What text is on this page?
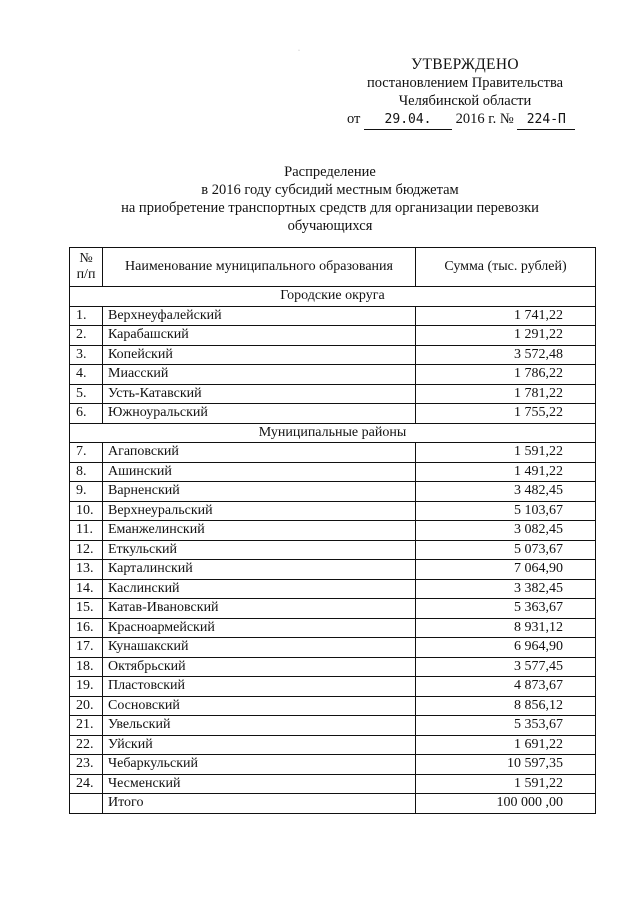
УТВЕРЖДЕНО
постановлением Правительства
Челябинской области
от 29.04. 2016 г. № 224-П
·
Распределение
в 2016 году субсидий местным бюджетам
на приобретение транспортных средств для организации перевозки
обучающихся
№
п/п	Наименование муниципального образования	Сумма (тыс. рублей)
Городские округа		
1.	Верхнеуфалейский	1 741,22
2.	Карабашский	1 291,22
3.	Копейский	3 572,48
4.	Миасский	1 786,22
5.	Усть-Катавский	1 781,22
6.	Южноуральский	1 755,22
Муниципальные районы		
7.	Агаповский	1 591,22
8.	Ашинский	1 491,22
9.	Варненский	3 482,45
10.	Верхнеуральский	5 103,67
11.	Еманжелинский	3 082,45
12.	Еткульский	5 073,67
13.	Карталинский	7 064,90
14.	Каслинский	3 382,45
15.	Катав-Ивановский	5 363,67
16.	Красноармейский	8 931,12
17.	Кунашакский	6 964,90
18.	Октябрьский	3 577,45
19.	Пластовский	4 873,67
20.	Сосновский	8 856,12
21.	Увельский	5 353,67
22.	Уйский	1 691,22
23.	Чебаркульский	10 597,35
24.	Чесменский	1 591,22
	Итого	100 000 ,00
